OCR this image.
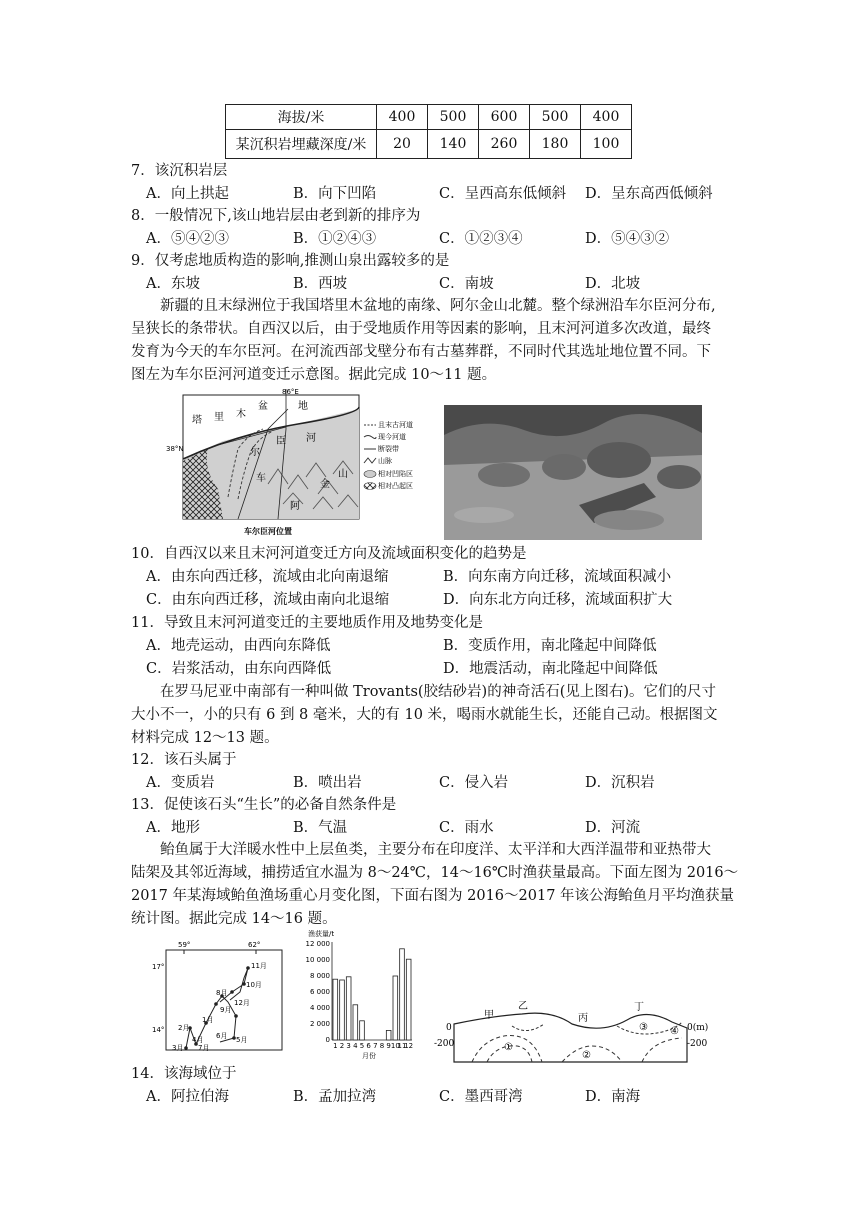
海拔/米	400	500	600	500	400
某沉积岩埋藏深度/米	20	140	260	180	100
7．该沉积岩层
A．向上拱起	B．向下凹陷	C．呈西高东低倾斜 D．呈东高西低倾斜
8．一般情况下,该山地岩层由老到新的排序为
A．⑤④②③	B．①②④③	C．①②③④	D．⑤④③②
9．仅考虑地质构造的影响,推测山泉出露较多的是
A．东坡	B．西坡	C．南坡	D．北坡
新疆的且末绿洲位于我国塔里木盆地的南缘、阿尔金山北麓。整个绿洲沿车尔臣河分布,
呈狭长的条带状。自西汉以后，由于受地质作用等因素的影响，且末河河道多次改道，最终
发育为今天的车尔臣河。在河流西部戈壁分布有古墓葬群，不同时代其选址地位置不同。下
图左为车尔臣河河道变迁示意图。据此完成 10～11 题。
86°E
38°N
塔 里 木
盆	地
臣 河
尔
车
阿
金
山
且末古河道
现今河道
断裂带
山脉
相对凹陷区
相对凸起区
车尔臣河位置
10．自西汉以来且末河河道变迁方向及流域面积变化的趋势是
A．由东向西迁移，流域由北向南退缩	B．向东南方向迁移，流域面积减小
C．由东向西迁移，流域由南向北退缩	D．向东北方向迁移，流域面积扩大
11．导致且末河河道变迁的主要地质作用及地势变化是
A．地壳运动，由西向东降低	B．变质作用，南北隆起中间降低
C．岩浆活动，由东向西降低	D．地震活动，南北隆起中间降低
在罗马尼亚中南部有一种叫做 Trovants(胶结砂岩)的神奇活石(见上图右)。它们的尺寸
大小不一，小的只有 6 到 8 毫米，大的有 10 米，喝雨水就能生长，还能自己动。根据图文
材料完成 12～13 题。
12．该石头属于
A．变质岩	B．喷出岩	C．侵入岩	D．沉积岩
13．促使该石头“生长”的必备自然条件是
A．地形	B．气温	C．雨水	D．河流
鲐鱼属于大洋暖水性中上层鱼类，主要分布在印度洋、太平洋和大西洋温带和亚热带大
陆架及其邻近海域，捕捞适宜水温为 8～24℃，14～16℃时渔获量最高。下面左图为 2016～
2017 年某海域鲐鱼渔场重心月变化图，下面右图为 2016～2017 年该公海鲐鱼月平均渔获量
统计图。据此完成 14～16 题。
59°	62°
17°
14°
11月
10月
8月
12月
9月
1月
6月
2月
4月
3月 7月
5月
渔获量/t
12 000
10 000
8 000
6 000
4 000
2 000
0
1 2 3 4 5 6 7 8 9 10
11
12
月份
甲
乙
丙
丁
①
②
③ ④
0
-200
0(m)
-200
14．该海域位于
A．阿拉伯海	B．孟加拉湾	C．墨西哥湾	D．南海
